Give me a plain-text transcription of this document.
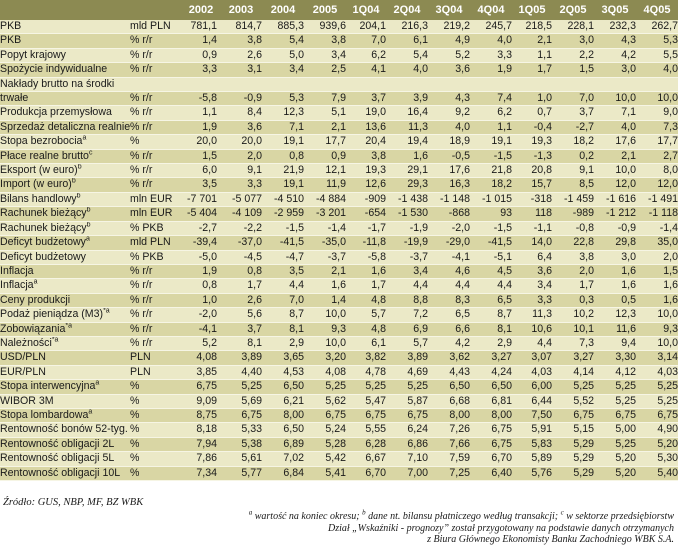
		2002	2003	2004	2005	1Q04	2Q04	3Q04	4Q04	1Q05	2Q05	3Q05	4Q05
PKB	mld PLN	781,1	814,7	885,3	939,6	204,1	216,3	219,2	245,7	218,5	228,1	232,3	262,7
PKB	% r/r	1,4	3,8	5,4	3,8	7,0	6,1	4,9	4,0	2,1	3,0	4,3	5,3
Popyt krajowy	% r/r	0,9	2,6	5,0	3,4	6,2	5,4	5,2	3,3	1,1	2,2	4,2	5,5
Spożycie indywidualne	% r/r	3,3	3,1	3,4	2,5	4,1	4,0	3,6	1,9	1,7	1,5	3,0	4,0
Nakłady brutto na środki													
trwałe	% r/r	-5,8	-0,9	5,3	7,9	3,7	3,9	4,3	7,4	1,0	7,0	10,0	10,0
Produkcja przemysłowa	% r/r	1,1	8,4	12,3	5,1	19,0	16,4	9,2	6,2	0,7	3,7	7,1	9,0
Sprzedaż detaliczna realnie	% r/r	1,9	3,6	7,1	2,1	13,6	11,3	4,0	1,1	-0,4	-2,7	4,0	7,3
Stopa bezrobocia$^a$	%	20,0	20,0	19,1	17,7	20,4	19,4	18,9	19,1	19,3	18,2	17,6	17,7
Płace realne brutto$^c$	% r/r	1,5	2,0	0,8	0,9	3,8	1,6	-0,5	-1,5	-1,3	0,2	2,1	2,7
Eksport (w euro)$^b$	% r/r	6,0	9,1	21,9	12,1	19,3	29,1	17,6	21,8	20,8	9,1	10,0	8,0
Import (w euro)$^b$	% r/r	3,5	3,3	19,1	11,9	12,6	29,3	16,3	18,2	15,7	8,5	12,0	12,0
Bilans handlowy$^b$	mln EUR	-7 701	-5 077	-4 510	-4 884	-909	-1 438	-1 148	-1 015	-318	-1 459	-1 616	-1 491
Rachunek bieżący$^b$	mln EUR	-5 404	-4 109	-2 959	-3 201	-654	-1 530	-868	93	118	-989	-1 212	-1 118
Rachunek bieżący$^b$	% PKB	-2,7	-2,2	-1,5	-1,4	-1,7	-1,9	-2,0	-1,5	-1,1	-0,8	-0,9	-1,4
Deficyt budżetowy$^a$	mld PLN	-39,4	-37,0	-41,5	-35,0	-11,8	-19,9	-29,0	-41,5	14,0	22,8	29,8	35,0
Deficyt budżetowy	% PKB	-5,0	-4,5	-4,7	-3,7	-5,8	-3,7	-4,1	-5,1	6,4	3,8	3,0	2,0
Inflacja	% r/r	1,9	0,8	3,5	2,1	1,6	3,4	4,6	4,5	3,6	2,0	1,6	1,5
Inflacja$^a$	% r/r	0,8	1,7	4,4	1,6	1,7	4,4	4,4	4,4	3,4	1,7	1,6	1,6
Ceny produkcji	% r/r	1,0	2,6	7,0	1,4	4,8	8,8	8,3	6,5	3,3	0,3	0,5	1,6
Podaż pieniądza $(M3)^{*a}$	% r/r	-2,0	5,6	8,7	10,0	5,7	7,2	6,5	8,7	11,3	10,2	12,3	10,0
Zobowiązania$^{*a}$	% r/r	-4,1	3,7	8,1	9,3	4,8	6,9	6,6	8,1	10,6	10,1	11,6	9,3
Należności$^{*a}$	% r/r	5,2	8,1	2,9	10,0	6,1	5,7	4,2	2,9	4,4	7,3	9,4	10,0
USD/PLN	PLN	4,08	3,89	3,65	3,20	3,82	3,89	3,62	3,27	3,07	3,27	3,30	3,14
EUR/PLN	PLN	3,85	4,40	4,53	4,08	4,78	4,69	4,43	4,24	4,03	4,14	4,12	4,03
Stopa interwencyjna$^a$	%	6,75	5,25	6,50	5,25	5,25	5,25	6,50	6,50	6,00	5,25	5,25	5,25
WIBOR 3M	%	9,09	5,69	6,21	5,62	5,47	5,87	6,68	6,81	6,44	5,52	5,25	5,25
Stopa lombardowa$^a$	%	8,75	6,75	8,00	6,75	6,75	6,75	8,00	8,00	7,50	6,75	6,75	6,75
Rentowność bonów 52-tyg.	%	8,18	5,33	6,50	5,24	5,55	6,24	7,26	6,75	5,91	5,15	5,00	4,90
Rentowność obligacji 2L	%	7,94	5,38	6,89	5,28	6,28	6,86	7,66	6,75	5,83	5,29	5,25	5,20
Rentowność obligacji 5L	%	7,86	5,61	7,02	5,42	6,67	7,10	7,59	6,70	5,89	5,29	5,20	5,30
Rentowność obligacji 10L	%	7,34	5,77	6,84	5,41	6,70	7,00	7,25	6,40	5,76	5,29	5,20	5,40
Źródło: GUS, NBP, MF, BZ WBK
$^a$ wartość na koniec okresu; $^b$ dane nt. bilansu płatniczego według transakcji; $^c$ w sektorze przedsiębiorstw
Dział „Wskaźniki - prognozy” został przygotowany na podstawie danych otrzymanych
z Biura Głównego Ekonomisty Banku Zachodniego WBK S.A.
